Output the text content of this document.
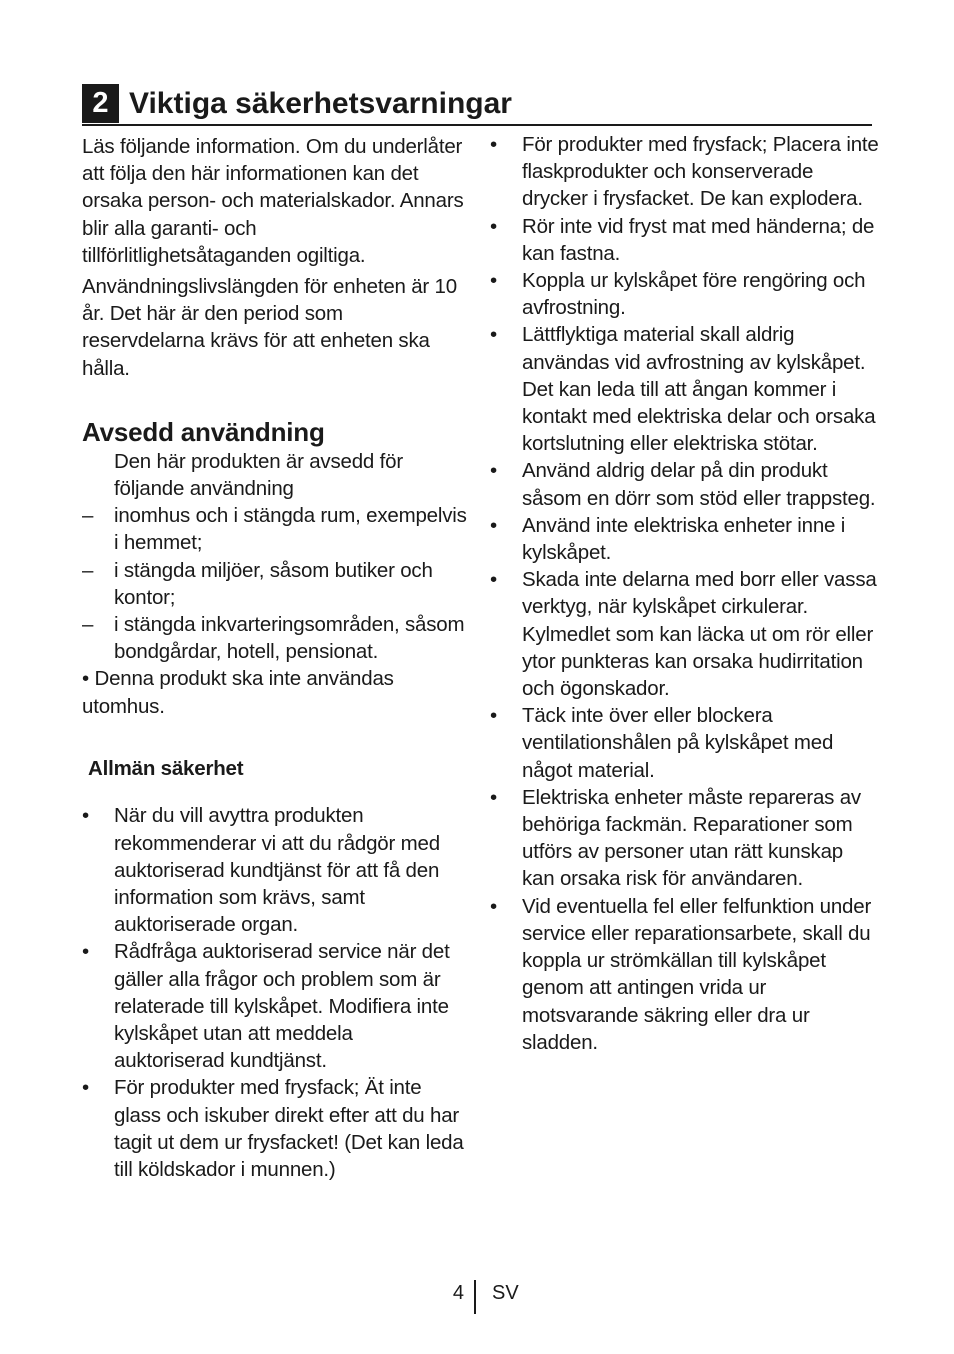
2 Viktiga säkerhetsvarningar

Läs följande information. Om du underlåter att följa den här informationen kan det orsaka person- och materialskador. Annars blir alla garanti- och tillförlitlighetsåtaganden ogiltiga.

Användningslivslängden för enheten är 10 år. Det här är den period som reservdelarna krävs för att enheten ska hålla.

Avsedd användning

Den här produkten är avsedd för följande användning

–	inomhus och i stängda rum, exempelvis i hemmet;
–	i stängda miljöer, såsom butiker och kontor;
–	i stängda inkvarteringsområden, såsom bondgårdar, hotell, pensionat.

• Denna produkt ska inte användas utomhus.

Allmän säkerhet
•	När du vill avyttra produkten rekommenderar vi att du rådgör med auktoriserad kundtjänst för att få den information som krävs, samt auktoriserade organ.
•	Rådfråga auktoriserad service när det gäller alla frågor och problem som är relaterade till kylskåpet. Modifiera inte kylskåpet utan att meddela auktoriserad kundtjänst.
•	För produkter med frysfack; Ät inte glass och iskuber direkt efter att du har tagit ut dem ur frysfacket! (Det kan leda till köldskador i munnen.)
•	För produkter med frysfack; Placera inte flaskprodukter och konserverade drycker i frysfacket. De kan explodera.
•	Rör inte vid fryst mat med händerna; de kan fastna.
•	Koppla ur kylskåpet före rengöring och avfrostning.
•	Lättflyktiga material skall aldrig användas vid avfrostning av kylskåpet. Det kan leda till att ångan kommer i kontakt med elektriska delar och orsaka kortslutning eller elektriska stötar.
•	Använd aldrig delar på din produkt såsom en dörr som stöd eller trappsteg.
•	Använd inte elektriska enheter inne i kylskåpet.
•	Skada inte delarna med borr eller vassa verktyg, när kylskåpet cirkulerar. Kylmedlet som kan läcka ut om rör eller ytor punkteras kan orsaka hudirritation och ögonskador.
•	Täck inte över eller blockera ventilationshålen på kylskåpet med något material.
•	Elektriska enheter måste repareras av behöriga fackmän. Reparationer som utförs av personer utan rätt kunskap kan orsaka risk för användaren.
•	Vid eventuella fel eller felfunktion under service eller reparationsarbete, skall du koppla ur strömkällan till kylskåpet genom att antingen vrida ur motsvarande säkring eller dra ur sladden.
4 SV
